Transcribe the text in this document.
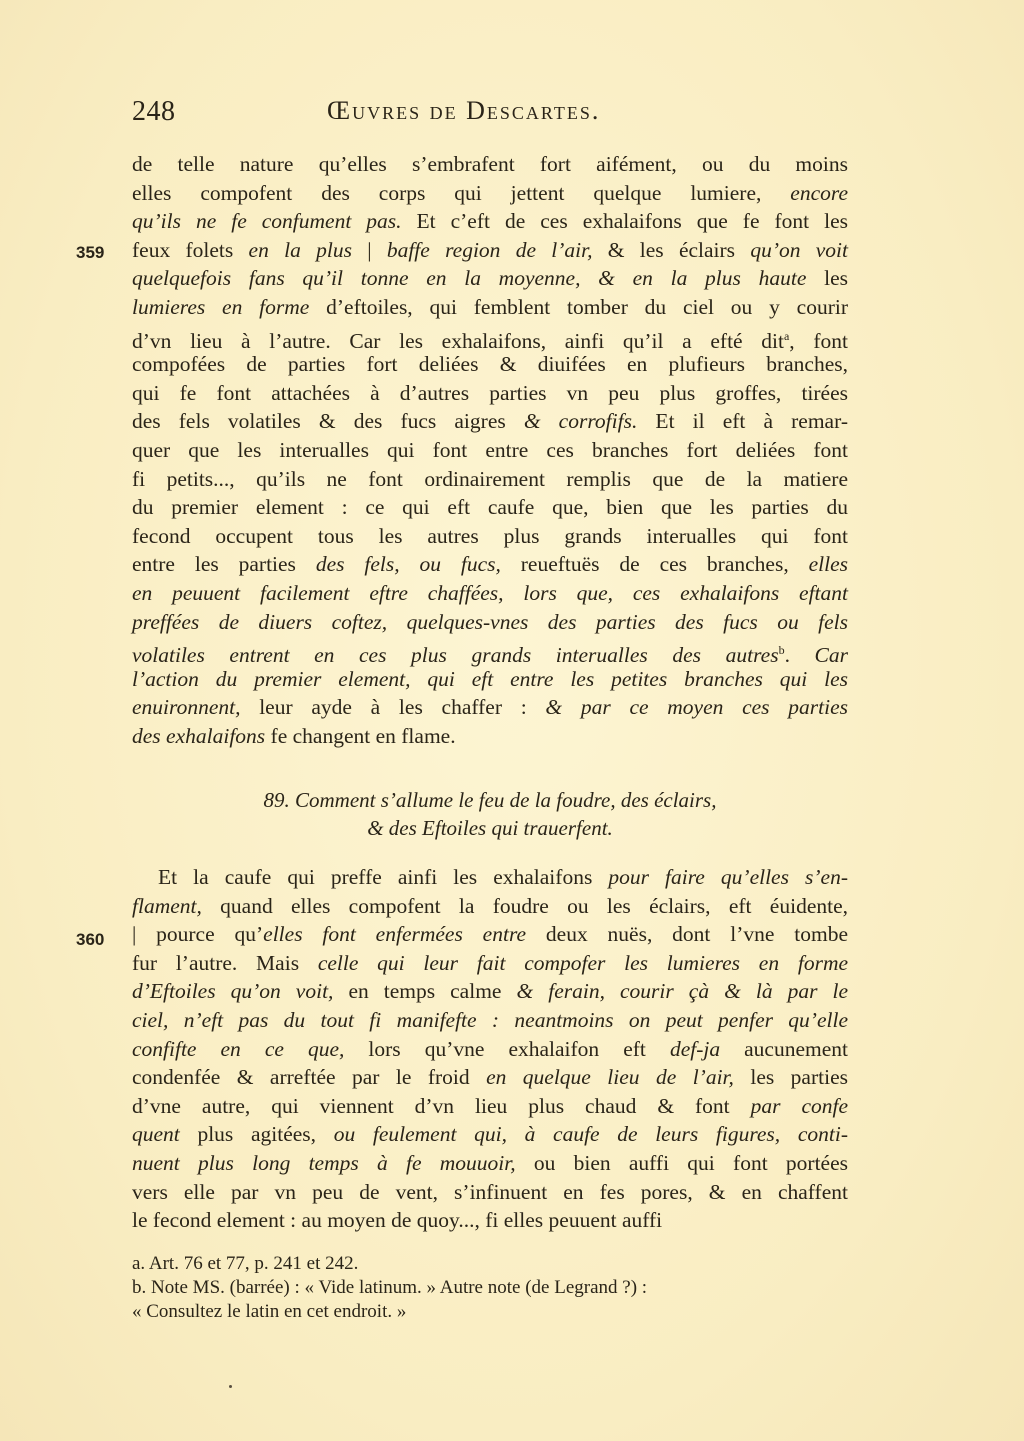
248	Œuvres de Descartes.
359
360
de telle nature qu’elles s’embrafent fort aifément, ou du moins
elles compofent des corps qui jettent quelque lumiere, encore
qu’ils ne fe confument pas. Et c’eft de ces exhalaifons que fe font les
feux folets en la plus | baffe region de l’air, & les éclairs qu’on voit
quelquefois fans qu’il tonne en la moyenne, & en la plus haute les
lumieres en forme d’eftoiles, qui femblent tomber du ciel ou y courir
d’vn lieu à l’autre. Car les exhalaifons, ainfi qu’il a efté dit$^a$, font
compofées de parties fort deliées & diuifées en plufieurs branches,
qui fe font attachées à d’autres parties vn peu plus groffes, tirées
des fels volatiles & des fucs aigres & corrofifs. Et il eft à remar-
quer que les interualles qui font entre ces branches fort deliées font
fi petits..., qu’ils ne font ordinairement remplis que de la matiere
du premier element : ce qui eft caufe que, bien que les parties du
fecond occupent tous les autres plus grands interualles qui font
entre les parties des fels, ou fucs, reueftuës de ces branches, elles
en peuuent facilement eftre chaffées, lors que, ces exhalaifons eftant
preffées de diuers coftez, quelques-vnes des parties des fucs ou fels
volatiles entrent en ces plus grands interualles des autres$^b$. Car
l’action du premier element, qui eft entre les petites branches qui les
enuironnent, leur ayde à les chaffer : & par ce moyen ces parties
des exhalaifons fe changent en flame.
89. Comment s’allume le feu de la foudre, des éclairs,
& des Eftoiles qui trauerfent.
Et la caufe qui preffe ainfi les exhalaifons pour faire qu’elles s’en-
flament, quand elles compofent la foudre ou les éclairs, eft éuidente,
| pource qu’elles font enfermées entre deux nuës, dont l’vne tombe
fur l’autre. Mais celle qui leur fait compofer les lumieres en forme
d’Eftoiles qu’on voit, en temps calme & ferain, courir çà & là par le
ciel, n’eft pas du tout fi manifefte : neantmoins on peut penfer qu’elle
confifte en ce que, lors qu’vne exhalaifon eft def-ja aucunement
condenfée & arreftée par le froid en quelque lieu de l’air, les parties
d’vne autre, qui viennent d’vn lieu plus chaud & font par confe
quent plus agitées, ou feulement qui, à caufe de leurs figures, conti-
nuent plus long temps à fe mouuoir, ou bien auffi qui font portées
vers elle par vn peu de vent, s’infinuent en fes pores, & en chaffent
le fecond element : au moyen de quoy..., fi elles peuuent auffi
a. Art. 76 et 77, p. 241 et 242.
b. Note MS. (barrée) : « Vide latinum. » Autre note (de Legrand ?) :
« Consultez le latin en cet endroit. »
